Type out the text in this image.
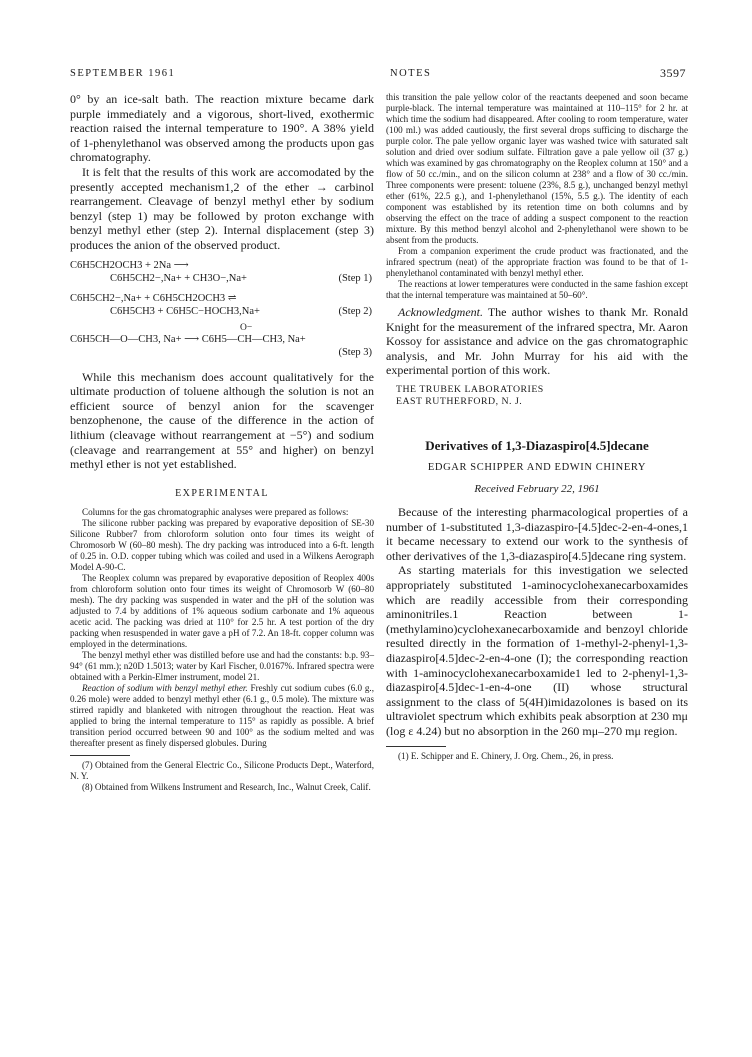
SEPTEMBER 1961	NOTES	3597

0° by an ice-salt bath. The reaction mixture became dark purple immediately and a vigorous, short-lived, exothermic reaction raised the internal temperature to 190°. A 38% yield of 1-phenylethanol was observed among the products upon gas chromatography.

It is felt that the results of this work are accomodated by the presently accepted mechanism1,2 of the ether → carbinol rearrangement. Cleavage of benzyl methyl ether by sodium benzyl (step 1) may be followed by proton exchange with benzyl methyl ether (step 2). Internal displacement (step 3) produces the anion of the observed product.

C6H5CH2OCH3 + 2Na ⟶
C6H5CH2−,Na+ + CH3O−,Na+	(Step 1)
C6H5CH2−,Na+ + C6H5CH2OCH3 ⇌
C6H5CH3 + C6H5C−HOCH3,Na+	(Step 2)
O−
C6H5CH—O—CH3, Na+ ⟶ C6H5—CH—CH3, Na+
(Step 3)

While this mechanism does account qualitatively for the ultimate production of toluene although the solution is not an efficient source of benzyl anion for the scavenger benzophenone, the cause of the difference in the action of lithium (cleavage without rearrangement at −5°) and sodium (cleavage and rearrangement at 55° and higher) on benzyl methyl ether is not yet established.

EXPERIMENTAL

Columns for the gas chromatographic analyses were prepared as follows:

The silicone rubber packing was prepared by evaporative deposition of SE-30 Silicone Rubber7 from chloroform solution onto four times its weight of Chromosorb W (60–80 mesh). The dry packing was introduced into a 6-ft. length of 0.25 in. O.D. copper tubing which was coiled and used in a Wilkens Aerograph Model A-90-C.

The Reoplex column was prepared by evaporative deposition of Reoplex 400s from chloroform solution onto four times its weight of Chromosorb W (60–80 mesh). The dry packing was suspended in water and the pH of the solution was adjusted to 7.4 by additions of 1% aqueous sodium carbonate and 1% aqueous acetic acid. The packing was dried at 110° for 2.5 hr. A test portion of the dry packing when resuspended in water gave a pH of 7.2. An 18-ft. copper column was employed in the determinations.

The benzyl methyl ether was distilled before use and had the constants: b.p. 93–94° (61 mm.); n20D 1.5013; water by Karl Fischer, 0.0167%. Infrared spectra were obtained with a Perkin-Elmer instrument, model 21.

Reaction of sodium with benzyl methyl ether. Freshly cut sodium cubes (6.0 g., 0.26 mole) were added to benzyl methyl ether (6.1 g., 0.5 mole). The mixture was stirred rapidly and blanketed with nitrogen throughout the reaction. Heat was applied to bring the internal temperature to 115° as rapidly as possible. A brief transition period occurred between 90 and 100° as the sodium melted and was thereafter present as finely dispersed globules. During

(7) Obtained from the General Electric Co., Silicone Products Dept., Waterford, N. Y.

(8) Obtained from Wilkens Instrument and Research, Inc., Walnut Creek, Calif.

this transition the pale yellow color of the reactants deepened and soon became purple-black. The internal temperature was maintained at 110–115° for 2 hr. at which time the sodium had disappeared. After cooling to room temperature, water (100 ml.) was added cautiously, the first several drops sufficing to discharge the purple color. The pale yellow organic layer was washed twice with saturated salt solution and dried over sodium sulfate. Filtration gave a pale yellow oil (37 g.) which was examined by gas chromatography on the Reoplex column at 150° and a flow of 50 cc./min., and on the silicon column at 238° and a flow of 30 cc./min. Three components were present: toluene (23%, 8.5 g.), unchanged benzyl methyl ether (61%, 22.5 g.), and 1-phenylethanol (15%, 5.5 g.). The identity of each component was established by its retention time on both columns and by observing the effect on the trace of adding a suspect component to the reaction mixture. By this method benzyl alcohol and 2-phenylethanol were shown to be absent from the products.

From a companion experiment the crude product was fractionated, and the infrared spectrum (neat) of the appropriate fraction was found to be that of 1-phenylethanol contaminated with benzyl methyl ether.

The reactions at lower temperatures were conducted in the same fashion except that the internal temperature was maintained at 50–60°.

Acknowledgment. The author wishes to thank Mr. Ronald Knight for the measurement of the infrared spectra, Mr. Aaron Kossoy for assistance and advice on the gas chromatographic analysis, and Mr. John Murray for his aid with the experimental portion of this work.

THE TRUBEK LABORATORIES
EAST RUTHERFORD, N. J.
Derivatives of 1,3-Diazaspiro[4.5]decane
EDGAR SCHIPPER AND EDWIN CHINERY
Received February 22, 1961

Because of the interesting pharmacological properties of a number of 1-substituted 1,3-diazaspiro-[4.5]dec-2-en-4-ones,1 it became necessary to extend our work to the synthesis of other derivatives of the 1,3-diazaspiro[4.5]decane ring system.

As starting materials for this investigation we selected appropriately substituted 1-aminocyclohexanecarboxamides which are readily accessible from their corresponding aminonitriles.1 Reaction between 1-(methylamino)cyclohexanecarboxamide and benzoyl chloride resulted directly in the formation of 1-methyl-2-phenyl-1,3-diazaspiro[4.5]dec-2-en-4-one (I); the corresponding reaction with 1-aminocyclohexanecarboxamide1 led to 2-phenyl-1,3-diazaspiro[4.5]dec-1-en-4-one (II) whose structural assignment to the class of 5(4H)imidazolones is based on its ultraviolet spectrum which exhibits peak absorption at 230 mμ (log ε 4.24) but no absorption in the 260 mμ–270 mμ region.

(1) E. Schipper and E. Chinery, J. Org. Chem., 26, in press.
